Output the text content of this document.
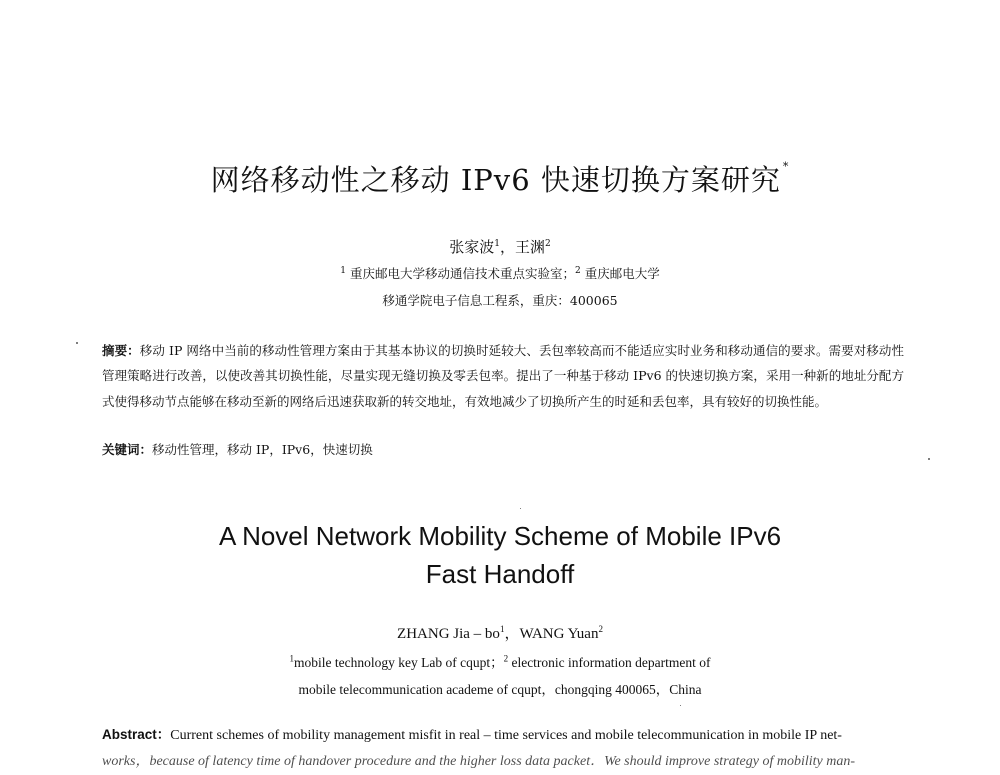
网络移动性之移动 IPv6 快速切换方案研究 *
张家波$^1$，王渊$^2$
$^1$ 重庆邮电大学移动通信技术重点实验室；$^2$ 重庆邮电大学
移通学院电子信息工程系，重庆：400065
摘要：移动 IP 网络中当前的移动性管理方案由于其基本协议的切换时延较大、丢包率较高而不能适应实时业务和移动通信的要求。需要对移动性管理策略进行改善，以使改善其切换性能，尽量实现无缝切换及零丢包率。提出了一种基于移动 IPv6 的快速切换方案，采用一种新的地址分配方式使得移动节点能够在移动至新的网络后迅速获取新的转交地址，有效地减少了切换所产生的时延和丢包率，具有较好的切换性能。
关键词：移动性管理，移动 IP，IPv6，快速切换
A Novel Network Mobility Scheme of Mobile IPv6
Fast Handoff
ZHANG Jia – $bo^1$，WANG Yuan$^2$
$^1$mobile technology key Lab of cqupt；$^2$ electronic information department of
mobile telecommunication academe of cqupt，chongqing 400065，China
Abstract：Current schemes of mobility management misfit in real – time services and mobile telecommunication in mobile IP net-
works，because of latency time of handover procedure and the higher loss data packet．We should improve strategy of mobility man-
